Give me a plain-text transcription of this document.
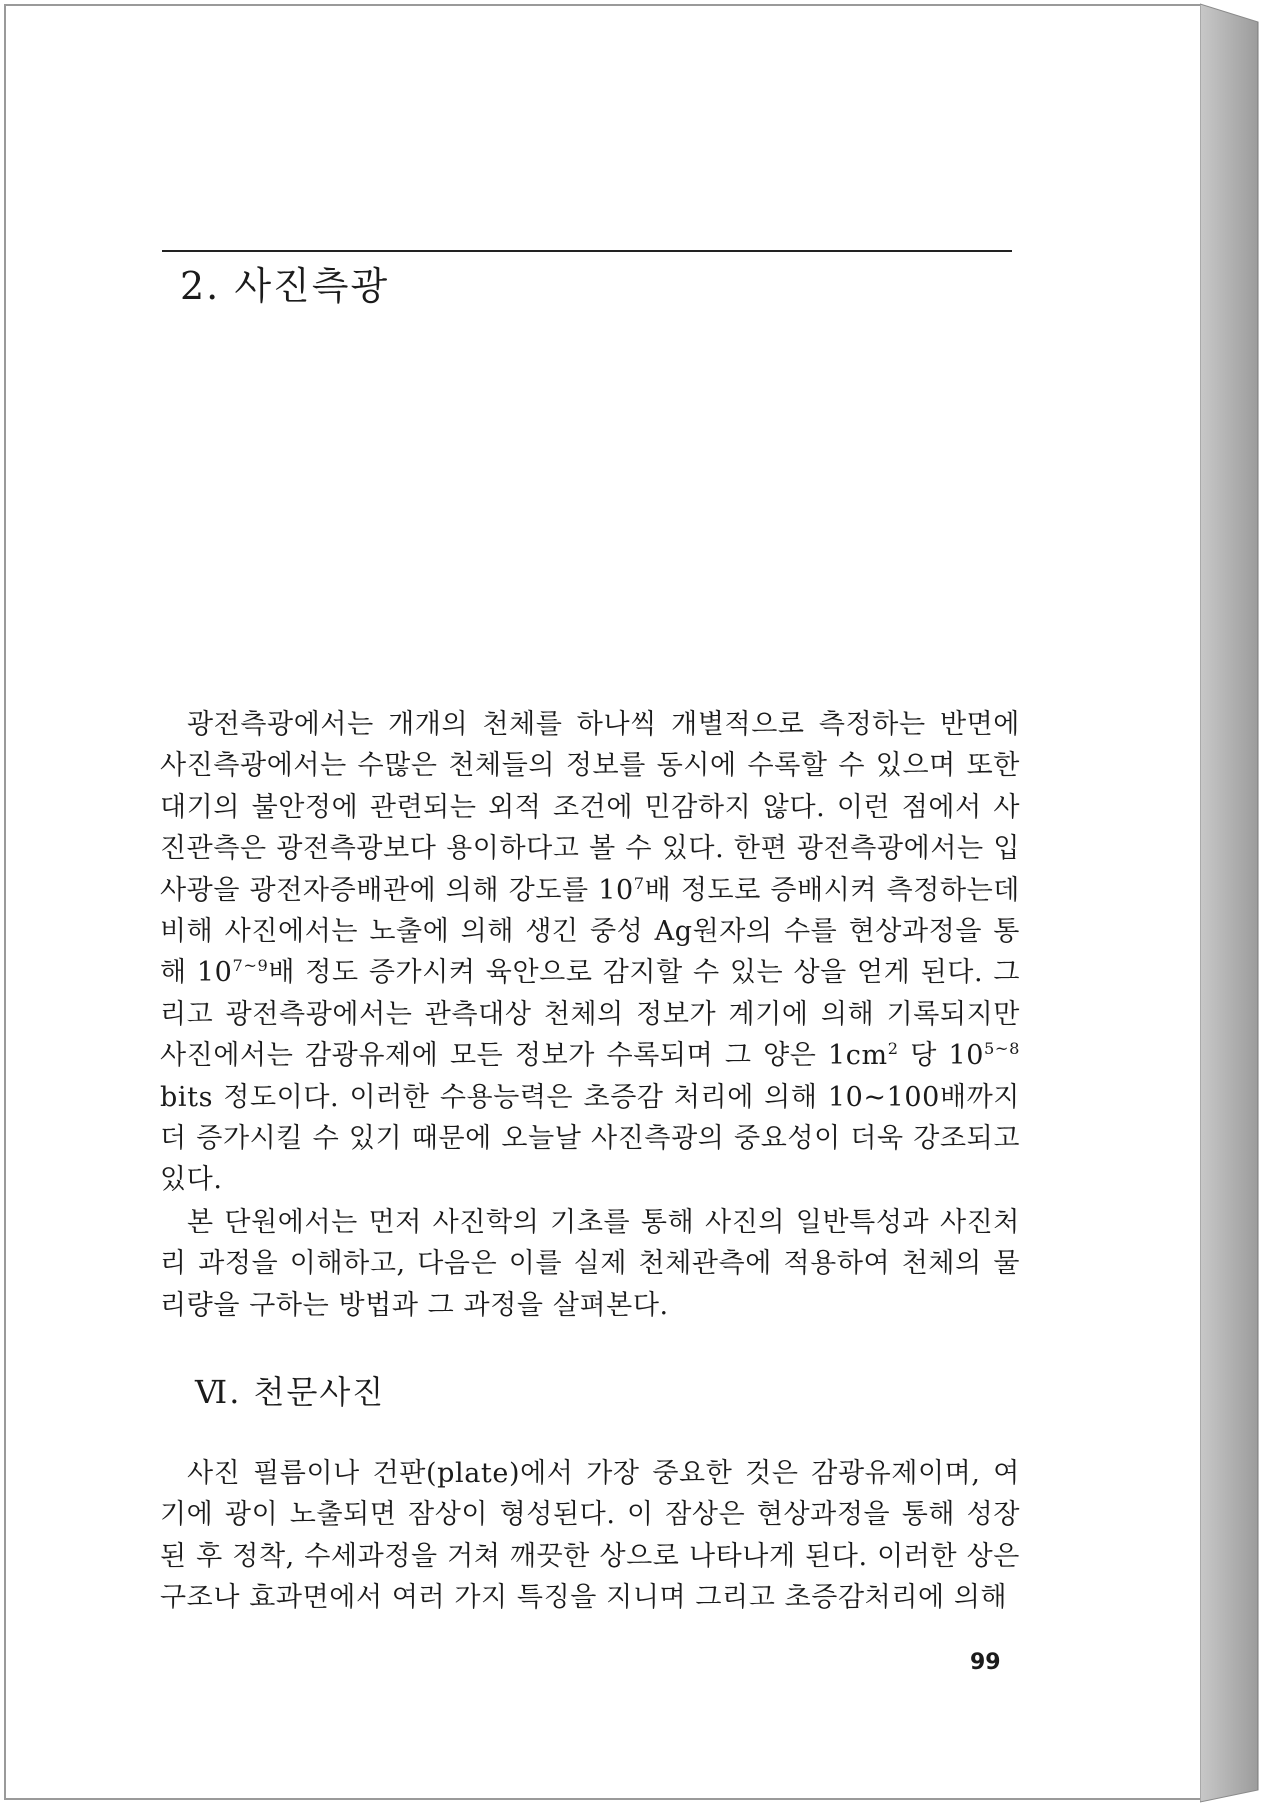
2. 사진측광

광전측광에서는 개개의 천체를 하나씩 개별적으로 측정하는 반면에 사진측광에서는 수많은 천체들의 정보를 동시에 수록할 수 있으며 또한 대기의 불안정에 관련되는 외적 조건에 민감하지 않다. 이런 점에서 사진관측은 광전측광보다 용이하다고 볼 수 있다. 한편 광전측광에서는 입사광을 광전자증배관에 의해 강도를 $10^7$배 정도로 증배시켜 측정하는데 비해 사진에서는 노출에 의해 생긴 중성 Ag원자의 수를 현상과정을 통해 $10^{7\sim 9}$배 정도 증가시켜 육안으로 감지할 수 있는 상을 얻게 된다. 그리고 광전측광에서는 관측대상 천체의 정보가 계기에 의해 기록되지만 사진에서는 감광유제에 모든 정보가 수록되며 그 양은 $1cm^2$ 당 $10^{5\sim 8}$ bits 정도이다. 이러한 수용능력은 초증감 처리에 의해 10~100배까지 더 증가시킬 수 있기 때문에 오늘날 사진측광의 중요성이 더욱 강조되고 있다.

본 단원에서는 먼저 사진학의 기초를 통해 사진의 일반특성과 사진처리 과정을 이해하고, 다음은 이를 실제 천체관측에 적용하여 천체의 물리량을 구하는 방법과 그 과정을 살펴본다.

Ⅵ. 천문사진

사진 필름이나 건판(plate)에서 가장 중요한 것은 감광유제이며, 여기에 광이 노출되면 잠상이 형성된다. 이 잠상은 현상과정을 통해 성장된 후 정착, 수세과정을 거쳐 깨끗한 상으로 나타나게 된다. 이러한 상은 구조나 효과면에서 여러 가지 특징을 지니며 그리고 초증감처리에 의해

99
